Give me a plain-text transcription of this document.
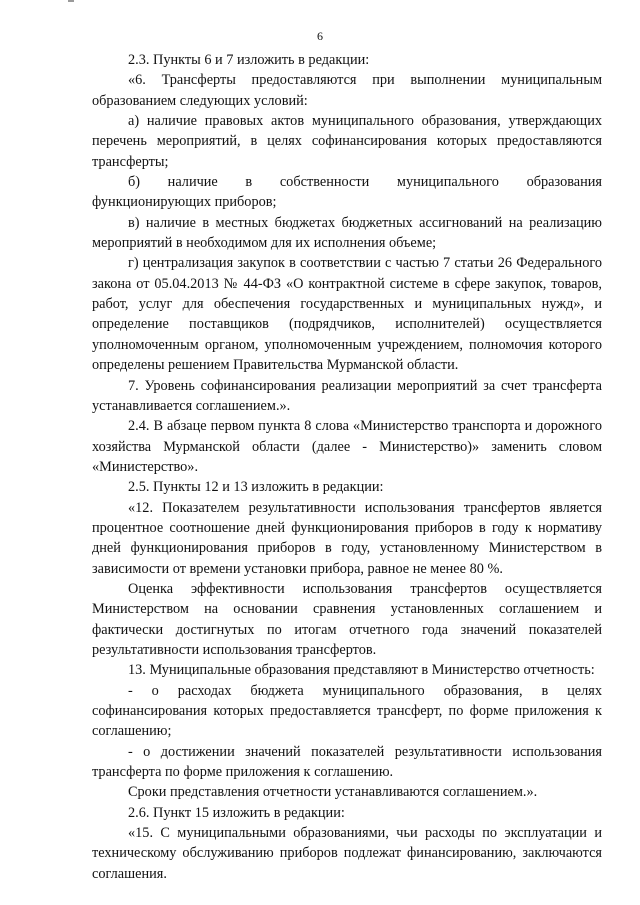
6

2.3. Пункты 6 и 7 изложить в редакции:

«6. Трансферты предоставляются при выполнении муниципальным образованием следующих условий:

а) наличие правовых актов муниципального образования, утверждающих перечень мероприятий, в целях софинансирования которых предоставляются трансферты;

б) наличие в собственности муниципального образования функционирующих приборов;

в) наличие в местных бюджетах бюджетных ассигнований на реализацию мероприятий в необходимом для их исполнения объеме;

г) централизация закупок в соответствии с частью 7 статьи 26 Федерального закона от 05.04.2013 № 44-ФЗ «О контрактной системе в сфере закупок, товаров, работ, услуг для обеспечения государственных и муниципальных нужд», и определение поставщиков (подрядчиков, исполнителей) осуществляется уполномоченным органом, уполномоченным учреждением, полномочия которого определены решением Правительства Мурманской области.

7. Уровень софинансирования реализации мероприятий за счет трансферта устанавливается соглашением.».

2.4. В абзаце первом пункта 8 слова «Министерство транспорта и дорожного хозяйства Мурманской области (далее - Министерство)» заменить словом «Министерство».

2.5. Пункты 12 и 13 изложить в редакции:

«12. Показателем результативности использования трансфертов является процентное соотношение дней функционирования приборов в году к нормативу дней функционирования приборов в году, установленному Министерством в зависимости от времени установки прибора, равное не менее 80 %.

Оценка эффективности использования трансфертов осуществляется Министерством на основании сравнения установленных соглашением и фактически достигнутых по итогам отчетного года значений показателей результативности использования трансфертов.

13. Муниципальные образования представляют в Министерство отчетность:

- о расходах бюджета муниципального образования, в целях софинансирования которых предоставляется трансферт, по форме приложения к соглашению;

- о достижении значений показателей результативности использования трансферта по форме приложения к соглашению.

Сроки представления отчетности устанавливаются соглашением.».

2.6. Пункт 15 изложить в редакции:

«15. С муниципальными образованиями, чьи расходы по эксплуатации и техническому обслуживанию приборов подлежат финансированию, заключаются соглашения.
